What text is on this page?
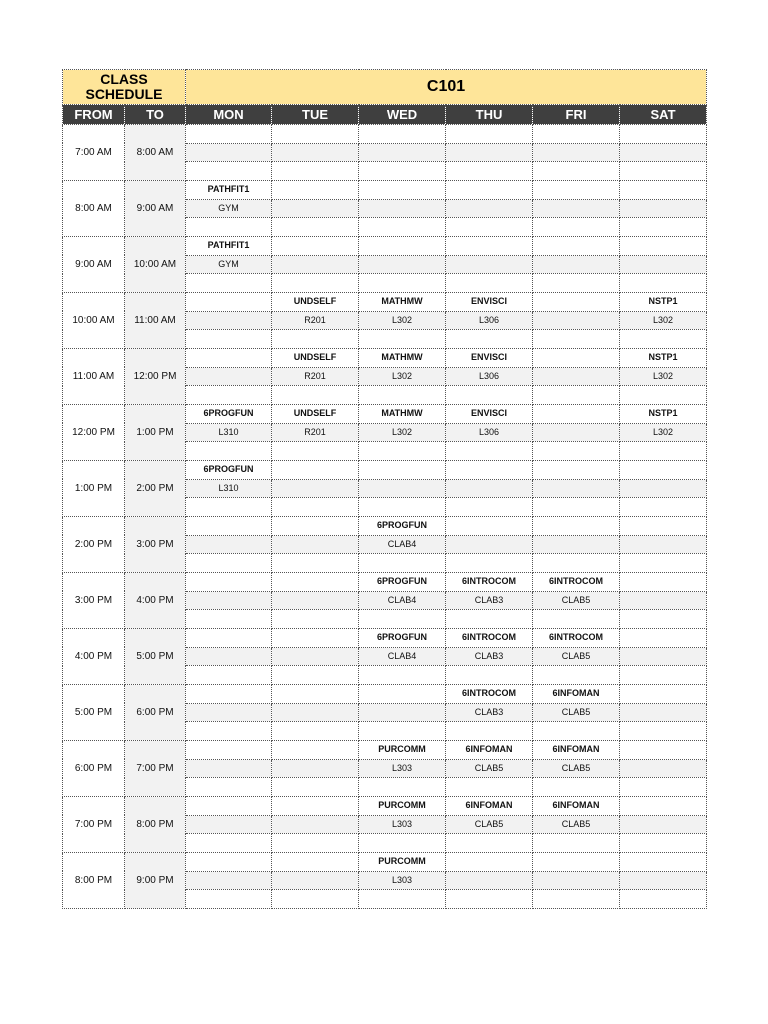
CLASS SCHEDULE		C101					
FROM	TO	MON	TUE	WED	THU	FRI	SAT
7:00 AM	8:00 AM						

8:00 AM	9:00 AM	PATHFIT1					
		GYM					

9:00 AM	10:00 AM	PATHFIT1					
		GYM					

10:00 AM	11:00 AM		UNDSELF	MATHMW	ENVISCI		NSTP1
			R201	L302	L306		L302

11:00 AM	12:00 PM		UNDSELF	MATHMW	ENVISCI		NSTP1
			R201	L302	L306		L302

12:00 PM	1:00 PM	6PROGFUN	UNDSELF	MATHMW	ENVISCI		NSTP1
		L310	R201	L302	L306		L302

1:00 PM	2:00 PM	6PROGFUN					
		L310					

2:00 PM	3:00 PM			6PROGFUN			
				CLAB4			

3:00 PM	4:00 PM			6PROGFUN	6INTROCOM	6INTROCOM	
				CLAB4	CLAB3	CLAB5	

4:00 PM	5:00 PM			6PROGFUN	6INTROCOM	6INTROCOM	
				CLAB4	CLAB3	CLAB5	

5:00 PM	6:00 PM				6INTROCOM	6INFOMAN	
					CLAB3	CLAB5	

6:00 PM	7:00 PM			PURCOMM	6INFOMAN	6INFOMAN	
				L303	CLAB5	CLAB5	

7:00 PM	8:00 PM			PURCOMM	6INFOMAN	6INFOMAN	
				L303	CLAB5	CLAB5	

8:00 PM	9:00 PM			PURCOMM			
				L303			
